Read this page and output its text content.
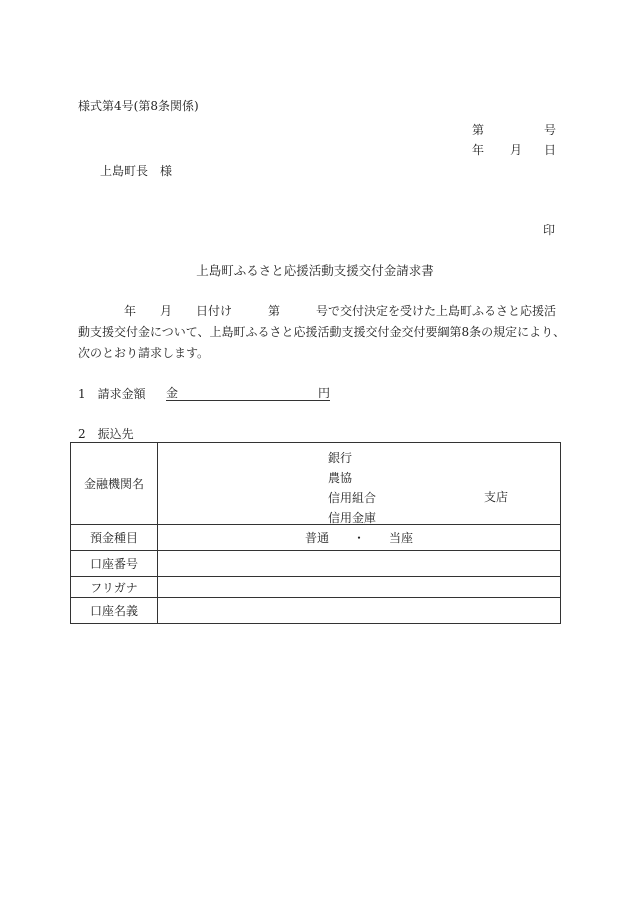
様式第4号(第8条関係)
第	号
年 月 日
上島町長　様
印
上島町ふるさと応援活動支援交付金請求書
年 月 日付け	第	号で交付決定を受けた上島町ふるさと応援活
動支援交付金について、上島町ふるさと応援活動支援交付金交付要綱第8条の規定により、
次のとおり請求します。
1　請求金額 金	円
2　振込先
金融機関名	銀行
農協
信用組合
信用金庫
支店

預金種目	普通　　・　　当座
口座番号	
フリガナ	
口座名義	
